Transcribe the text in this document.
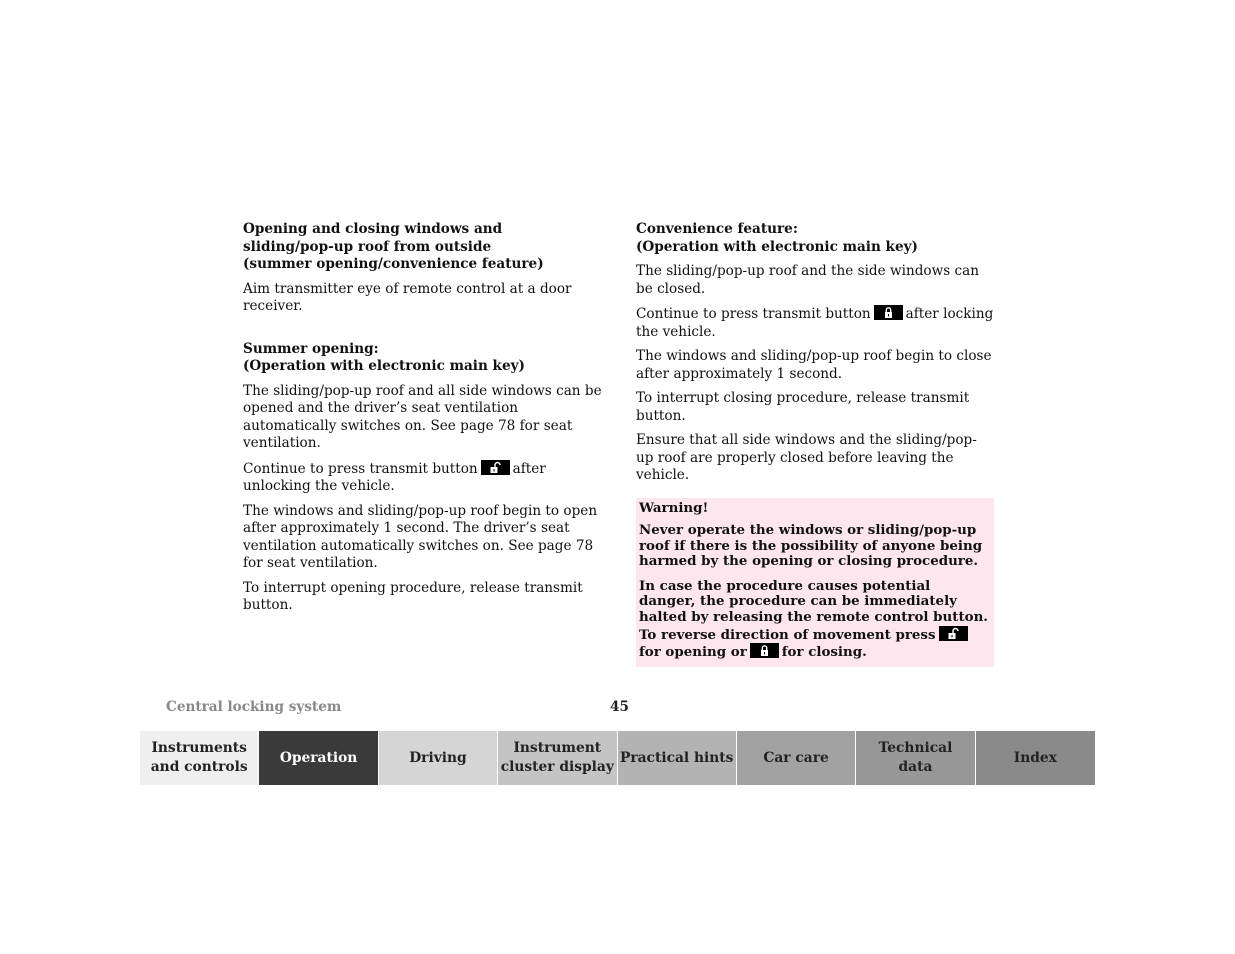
Opening and closing windows and
sliding/pop-up roof from outside
(summer opening/convenience feature)

Aim transmitter eye of remote control at a door receiver.

Summer opening:
(Operation with electronic main key)

The sliding/pop-up roof and all side windows can be opened and the driver’s seat ventilation automatically switches on. See page 78 for seat ventilation.

Continue to press transmit button	after unlocking the vehicle.

The windows and sliding/pop-up roof begin to open after approximately 1 second. The driver’s seat ventilation automatically switches on. See page 78 for seat ventilation.

To interrupt opening procedure, release transmit button.

Convenience feature:
(Operation with electronic main key)

The sliding/pop-up roof and the side windows can be closed.

Continue to press transmit button	after locking the vehicle.

The windows and sliding/pop-up roof begin to close after approximately 1 second.

To interrupt closing procedure, release transmit button.

Ensure that all side windows and the sliding/pop-up roof are properly closed before leaving the vehicle.

Warning!

Never operate the windows or sliding/pop-up roof if there is the possibility of anyone being harmed by the opening or closing procedure.

In case the procedure causes potential danger, the procedure can be immediately halted by releasing the remote control button. To reverse direction of movement press
for opening or	for closing.

Central locking system	45
Instruments
and controls
Operation	Driving
Instrument
cluster display
Practical hints	Car care
Technical
data
Index
